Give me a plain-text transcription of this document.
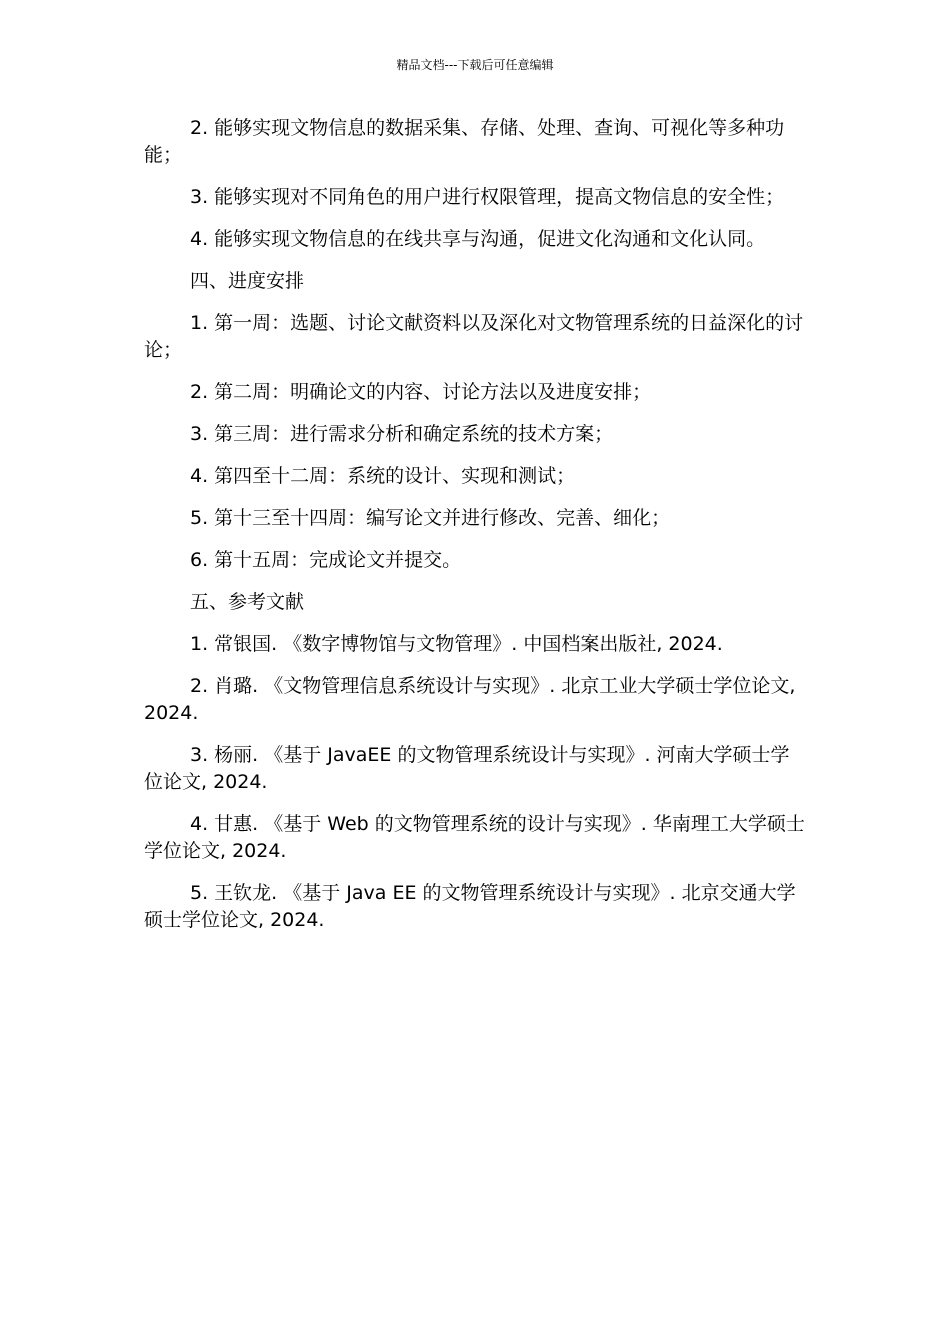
精品文档---下载后可任意编辑

2. 能够实现文物信息的数据采集、存储、处理、查询、可视化等多种功能；

3. 能够实现对不同角色的用户进行权限管理，提高文物信息的安全性；

4. 能够实现文物信息的在线共享与沟通，促进文化沟通和文化认同。

四、进度安排

1. 第一周：选题、讨论文献资料以及深化对文物管理系统的日益深化的讨论；

2. 第二周：明确论文的内容、讨论方法以及进度安排；

3. 第三周：进行需求分析和确定系统的技术方案；

4. 第四至十二周：系统的设计、实现和测试；

5. 第十三至十四周：编写论文并进行修改、完善、细化；

6. 第十五周：完成论文并提交。

五、参考文献

1. 常银国. 《数字博物馆与文物管理》. 中国档案出版社, 2024.

2. 肖璐. 《文物管理信息系统设计与实现》. 北京工业大学硕士学位论文, 2024.

3. 杨丽. 《基于 JavaEE 的文物管理系统设计与实现》. 河南大学硕士学位论文, 2024.

4. 甘惠. 《基于 Web 的文物管理系统的设计与实现》. 华南理工大学硕士学位论文, 2024.

5. 王钦龙. 《基于 Java EE 的文物管理系统设计与实现》. 北京交通大学硕士学位论文, 2024.
